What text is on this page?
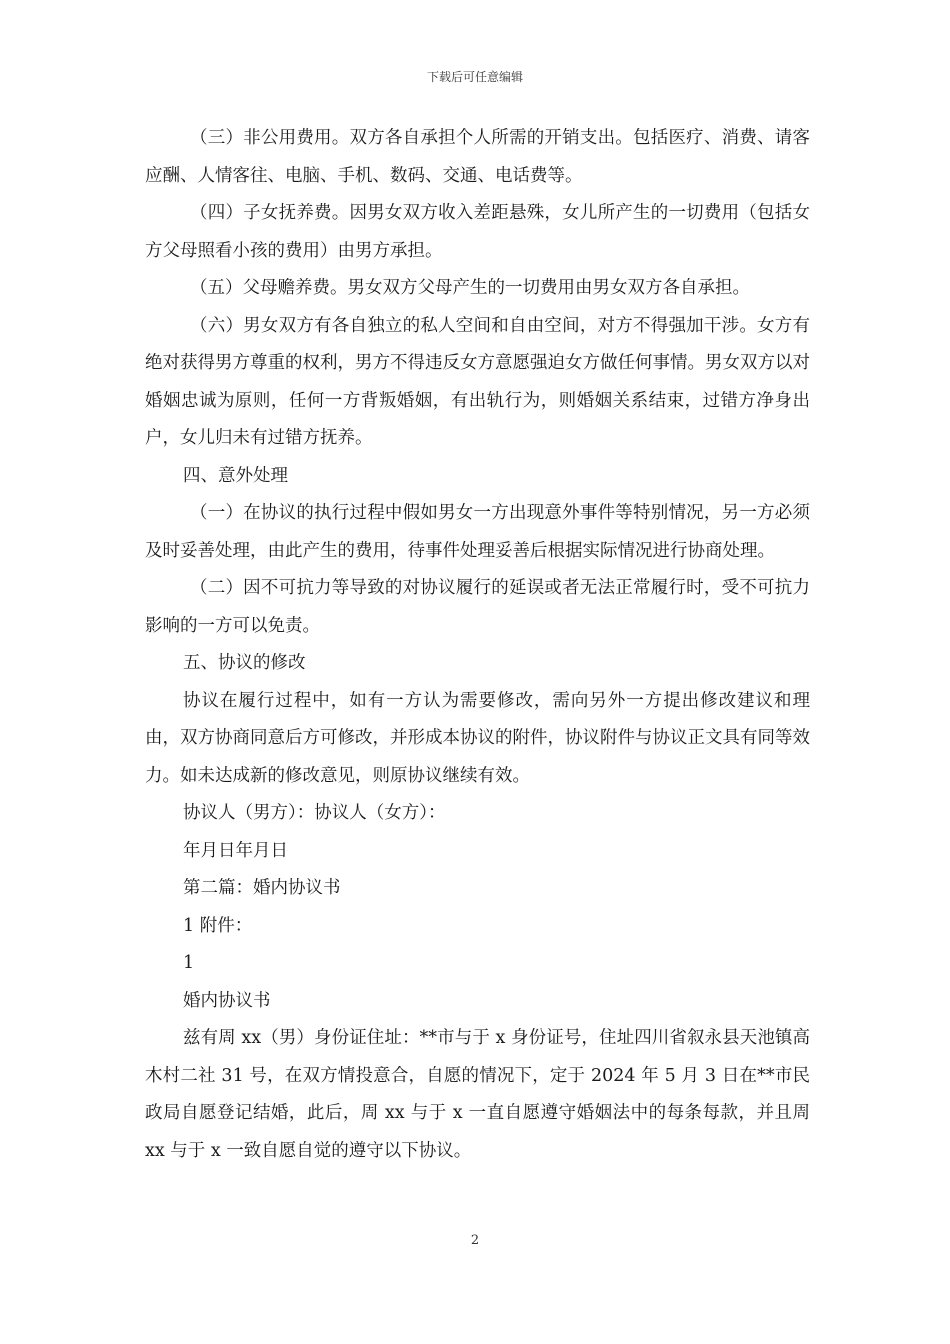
下载后可任意编辑

（三）非公用费用。双方各自承担个人所需的开销支出。包括医疗、消费、请客应酬、人情客往、电脑、手机、数码、交通、电话费等。

（四）子女抚养费。因男女双方收入差距悬殊，女儿所产生的一切费用（包括女方父母照看小孩的费用）由男方承担。

（五）父母赡养费。男女双方父母产生的一切费用由男女双方各自承担。

（六）男女双方有各自独立的私人空间和自由空间，对方不得强加干涉。女方有绝对获得男方尊重的权利，男方不得违反女方意愿强迫女方做任何事情。男女双方以对婚姻忠诚为原则，任何一方背叛婚姻，有出轨行为，则婚姻关系结束，过错方净身出户，女儿归未有过错方抚养。

四、意外处理

（一）在协议的执行过程中假如男女一方出现意外事件等特别情况，另一方必须及时妥善处理，由此产生的费用，待事件处理妥善后根据实际情况进行协商处理。

（二）因不可抗力等导致的对协议履行的延误或者无法正常履行时，受不可抗力影响的一方可以免责。

五、协议的修改

协议在履行过程中，如有一方认为需要修改，需向另外一方提出修改建议和理由，双方协商同意后方可修改，并形成本协议的附件，协议附件与协议正文具有同等效力。如未达成新的修改意见，则原协议继续有效。

协议人（男方）：协议人（女方）：

年月日年月日

第二篇：婚内协议书

1 附件：

1

婚内协议书

兹有周 xx（男）身份证住址：**市与于 x 身份证号，住址四川省叙永县天池镇高木村二社 31 号，在双方情投意合，自愿的情况下，定于 2024 年 5 月 3 日在**市民政局自愿登记结婚，此后，周 xx 与于 x 一直自愿遵守婚姻法中的每条每款，并且周 xx 与于 x 一致自愿自觉的遵守以下协议。

2
